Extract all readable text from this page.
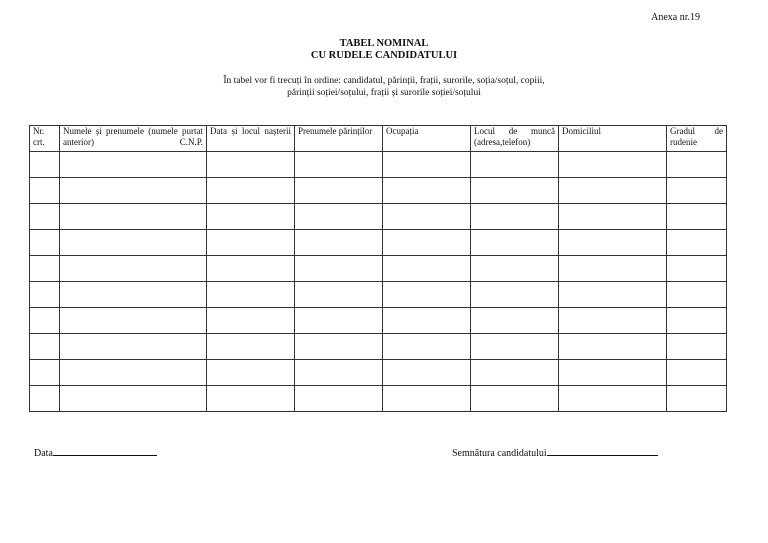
Anexa nr.19
TABEL NOMINAL
CU RUDELE CANDIDATULUI
În tabel vor fi trecuți în ordine: candidatul, părinții, frații, surorile, soția/soțul, copiii,
părinții soției/soțului, frații și surorile soției/soțului
Nr. crt.	Numele și prenumele (numele purtat anterior) C.N.P.	Data și locul nașterii	Prenumele părinților	Ocupația	Locul de muncă (adresa,telefon)	Domiciliul	Gradul de rudenie

Data	Semnătura candidatului
